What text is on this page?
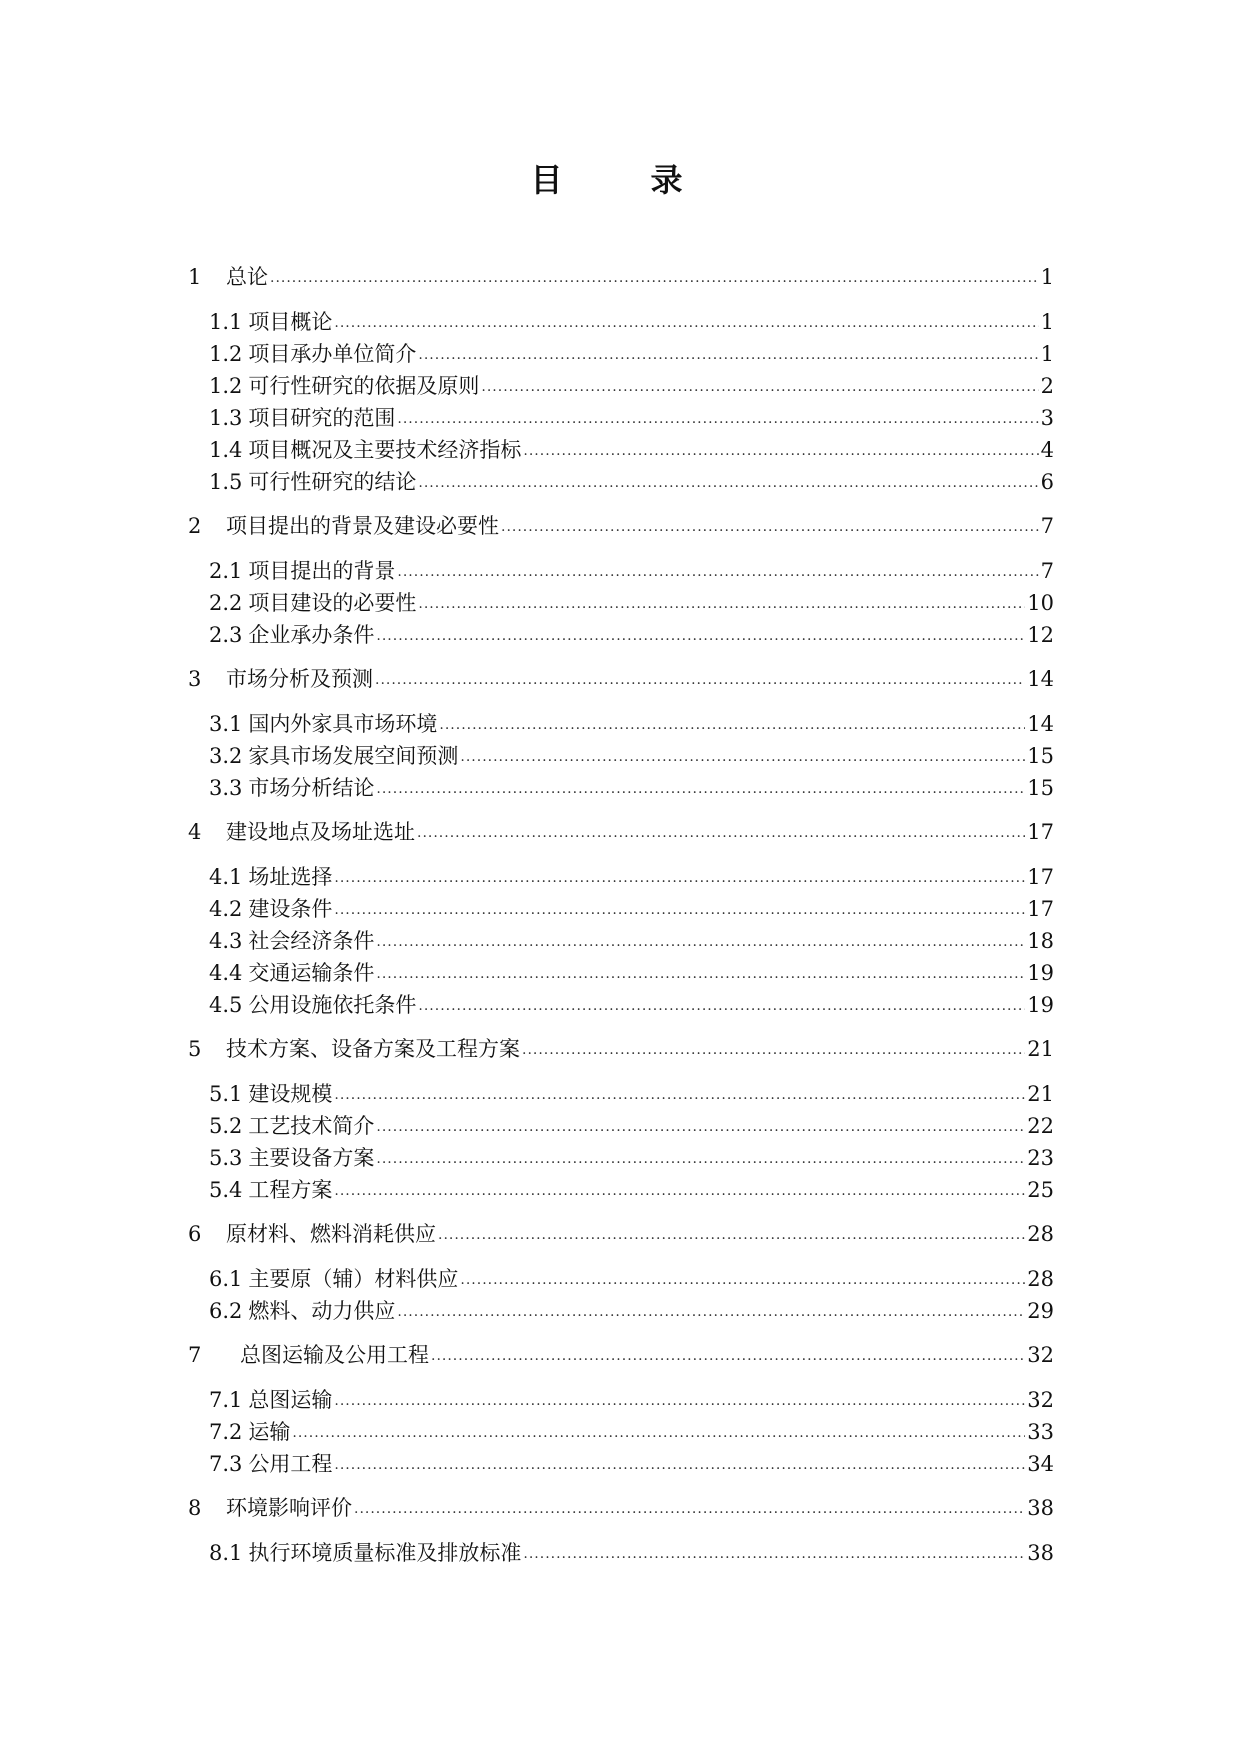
目　录
1	总论 .....	1
1.1 项目概论 .....	1
1.2 项目承办单位简介 .....	1
1.2 可行性研究的依据及原则 .....	2
1.3 项目研究的范围 .....	3
1.4 项目概况及主要技术经济指标 .....	4
1.5 可行性研究的结论 .....	6
2	项目提出的背景及建设必要性 .....	7
2.1 项目提出的背景 .....	7
2.2 项目建设的必要性 .....	10
2.3 企业承办条件 .....	12
3	市场分析及预测 .....	14
3.1 国内外家具市场环境 .....	14
3.2 家具市场发展空间预测 .....	15
3.3 市场分析结论 .....	15
4	建设地点及场址选址 .....	17
4.1 场址选择 .....	17
4.2 建设条件 .....	17
4.3 社会经济条件 .....	18
4.4 交通运输条件 .....	19
4.5 公用设施依托条件 .....	19
5	技术方案、设备方案及工程方案 .....	21
5.1 建设规模 .....	21
5.2 工艺技术简介 .....	22
5.3 主要设备方案 .....	23
5.4 工程方案 .....	25
6	原材料、燃料消耗供应 .....	28
6.1 主要原（辅）材料供应 .....	28
6.2 燃料、动力供应 .....	29
7	总图运输及公用工程 .....	32
7.1 总图运输 .....	32
7.2 运输 .....	33
7.3 公用工程 .....	34
8	环境影响评价 .....	38
8.1 执行环境质量标准及排放标准 .....	38
